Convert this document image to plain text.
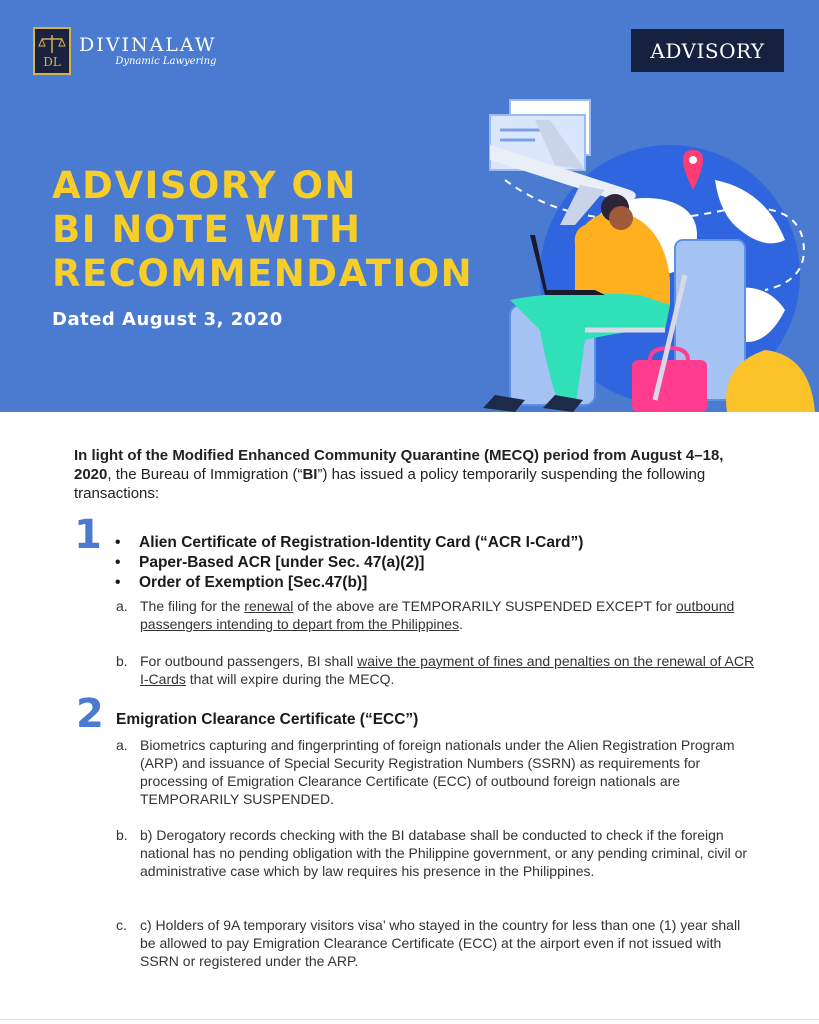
DL
DIVINALAW
Dynamic Lawyering	ADVISORY
ADVISORY ON
BI NOTE WITH
RECOMMENDATION
Dated August 3, 2020

In light of the Modified Enhanced Community Quarantine (MECQ) period from August 4–18, 2020, the Bureau of Immigration (“BI”) has issued a policy temporarily suspending the following transactions:

1
•	Alien Certificate of Registration-Identity Card (“ACR I-Card”)
• Paper-Based ACR [under Sec. 47(a)(2)]
• Order of Exemption [Sec.47(b)]
a. The filing for the renewal of the above are TEMPORARILY SUSPENDED EXCEPT for outbound passengers intending to depart from the Philippines.
b. For outbound passengers, BI shall waive the payment of fines and penalties on the renewal of ACR I-Cards that will expire during the MECQ.
2 Emigration Clearance Certificate (“ECC”)
a. Biometrics capturing and fingerprinting of foreign nationals under the Alien Registration Program (ARP) and issuance of Special Security Registration Numbers (SSRN) as requirements for processing of Emigration Clearance Certificate (ECC) of outbound foreign nationals are TEMPORARILY SUSPENDED.
b. b) Derogatory records checking with the BI database shall be conducted to check if the foreign national has no pending obligation with the Philippine government, or any pending criminal, civil or administrative case which by law requires his presence in the Philippines.
c. c) Holders of 9A temporary visitors visa’ who stayed in the country for less than one (1) year shall be allowed to pay Emigration Clearance Certificate (ECC) at the airport even if not issued with SSRN or registered under the ARP.
